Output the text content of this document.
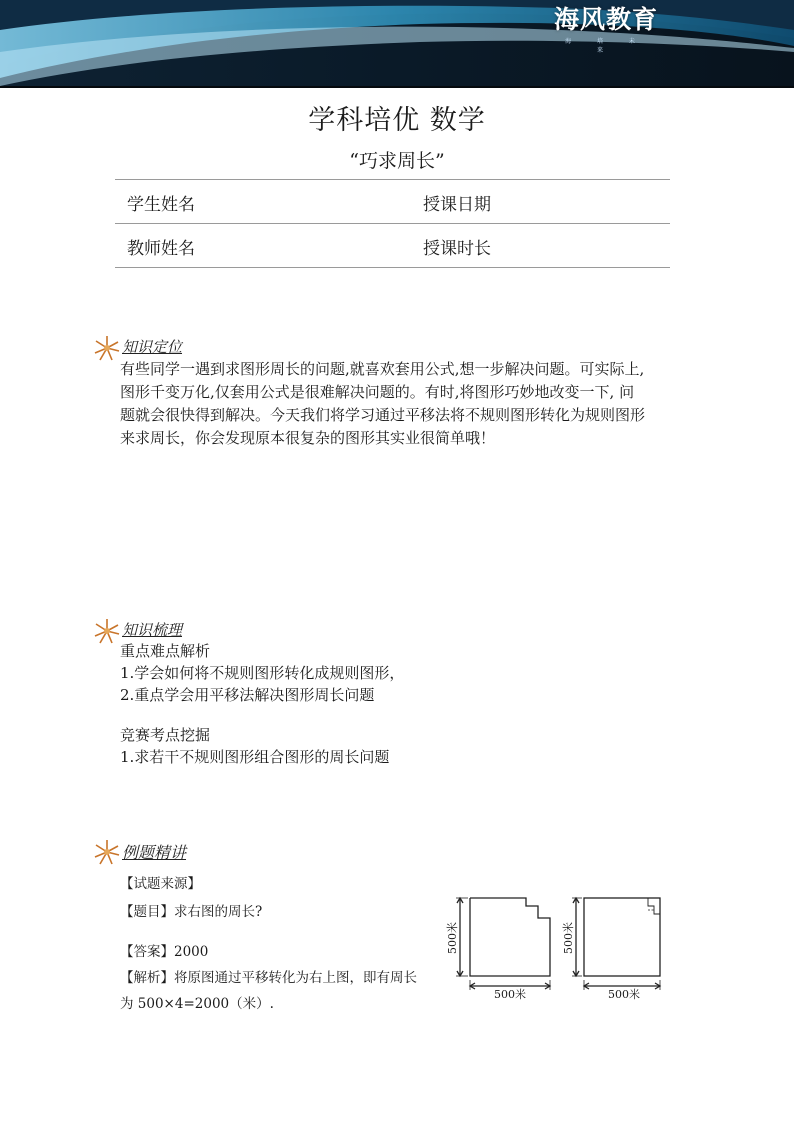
海风教育
海 培 未 来
学科培优 数学
“巧求周长”
学生姓名	授课日期
教师姓名	授课时长
知识定位
有些同学一遇到求图形周长的问题,就喜欢套用公式,想一步解决问题。可实际上,
图形千变万化,仅套用公式是很难解决问题的。有时,将图形巧妙地改变一下, 问
题就会很快得到解决。今天我们将学习通过平移法将不规则图形转化为规则图形
来求周长，你会发现原本很复杂的图形其实业很简单哦！
知识梳理
重点难点解析
1.学会如何将不规则图形转化成规则图形，
2.重点学会用平移法解决图形周长问题
竞赛考点挖掘
1.求若干不规则图形组合图形的周长问题
例题精讲
【试题来源】
【题目】求右图的周长?
【答案】2000
【解析】将原图通过平移转化为右上图，即有周长
为 500×4=2000（米）.
500米
500米
500米
500米
